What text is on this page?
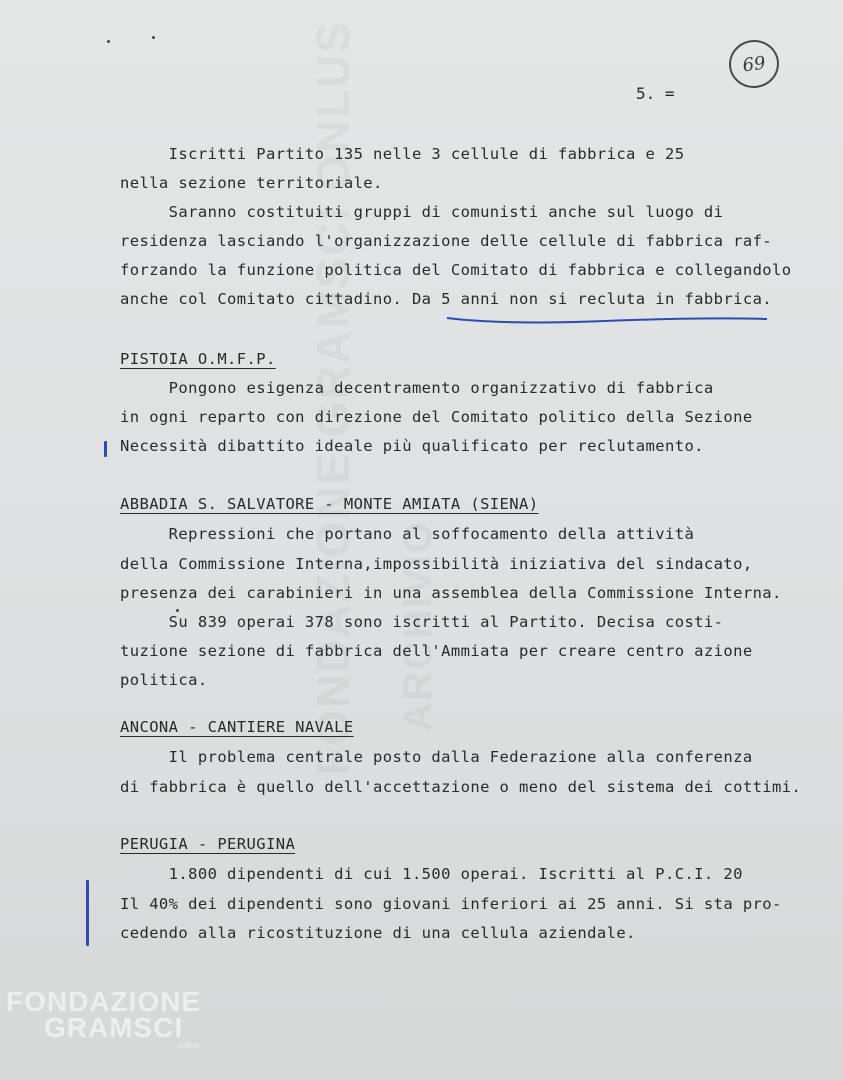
FONDAZIONE GRAMSCI ONLUS ARCHIVIO
5. =
69
Iscritti Partito 135 nelle 3 cellule di fabbrica e 25
nella sezione territoriale.
Saranno costituiti gruppi di comunisti anche sul luogo di
residenza lasciando l'organizzazione delle cellule di fabbrica raf-
forzando la funzione politica del Comitato di fabbrica e collegandolo
anche col Comitato cittadino. Da 5 anni non si recluta in fabbrica.
PISTOIA O.M.F.P.
Pongono esigenza decentramento organizzativo di fabbrica
in ogni reparto con direzione del Comitato politico della Sezione
Necessità dibattito ideale più qualificato per reclutamento.
ABBADIA S. SALVATORE - MONTE AMIATA (SIENA)
Repressioni che portano al soffocamento della attività
della Commissione Interna,impossibilità iniziativa del sindacato,
presenza dei carabinieri in una assemblea della Commissione Interna.
Su 839 operai 378 sono iscritti al Partito. Decisa costi-
tuzione sezione di fabbrica dell'Ammiata per creare centro azione
politica.
ANCONA - CANTIERE NAVALE
Il problema centrale posto dalla Federazione alla conferenza
di fabbrica è quello dell'accettazione o meno del sistema dei cottimi.
PERUGIA - PERUGINA
1.800 dipendenti di cui 1.500 operai. Iscritti al P.C.I. 20
Il 40% dei dipendenti sono giovani inferiori ai 25 anni. Si sta pro-
cedendo alla ricostituzione di una cellula aziendale.
FONDAZIONE
GRAMSCI
onlus
